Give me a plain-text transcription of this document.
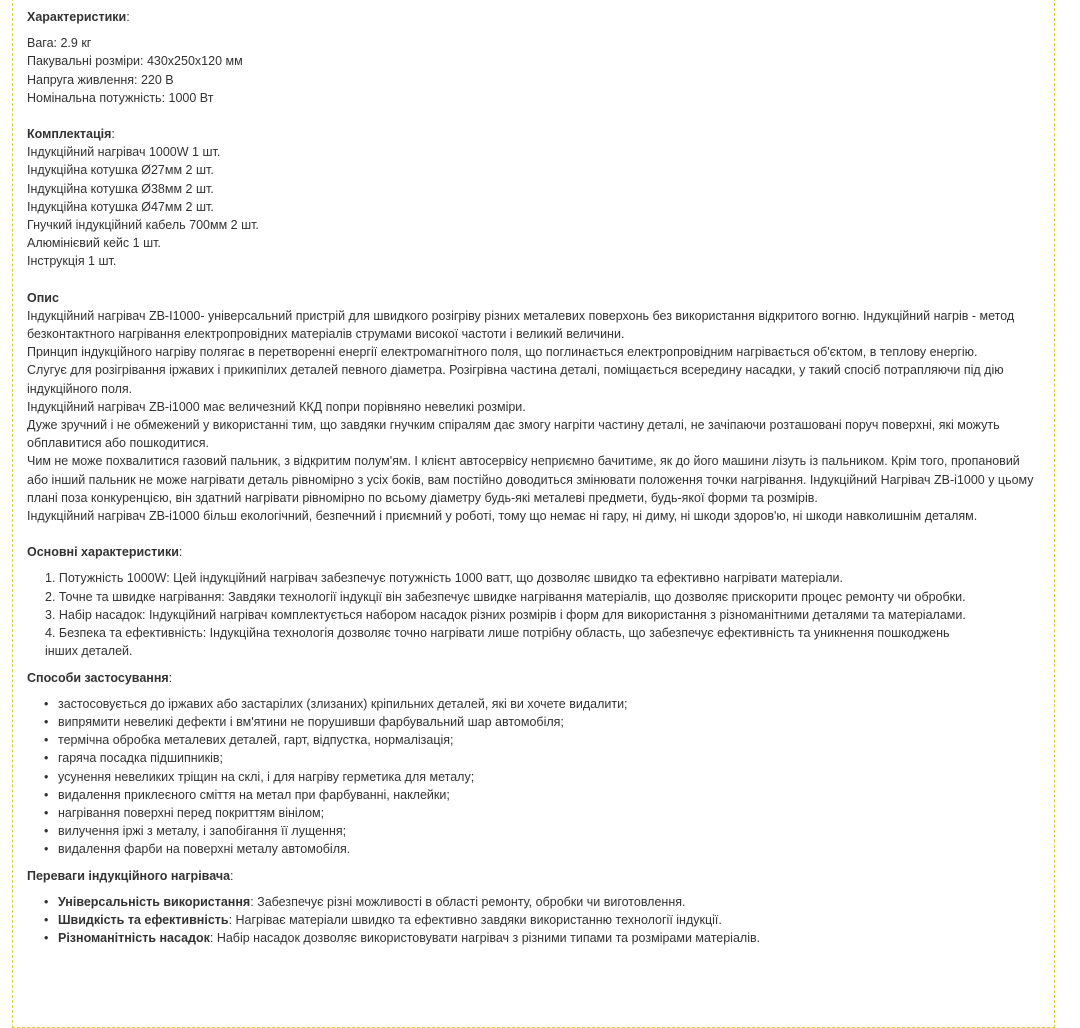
Характеристики:

Вага: 2.9 кг

Пакувальні розміри: 430х250х120 мм

Напруга живлення: 220 В

Номінальна потужність: 1000 Вт

Комплектація:

Індукційний нагрівач 1000W 1 шт.

Індукційна котушка Ø27мм 2 шт.

Індукційна котушка Ø38мм 2 шт.

Індукційна котушка Ø47мм 2 шт.

Гнучкий індукційний кабель 700мм 2 шт.

Алюмінієвий кейс 1 шт.

Інструкція 1 шт.

Опис

Індукційний нагрівач ZB-I1000- універсальний пристрій для швидкого розігріву різних металевих поверхонь без використання відкритого вогню. Індукційний нагрів - метод безконтактного нагрівання електропровідних матеріалів струмами високої частоти і великий величини.

Принцип індукційного нагріву полягає в перетворенні енергії електромагнітного поля, що поглинається електропровідним нагрівається об'єктом, в теплову енергію.

Слугує для розігрівання іржавих і прикипілих деталей певного діаметра. Розігрівна частина деталі, поміщається всередину насадки, у такий спосіб потрапляючи під дію індукційного поля.

Індукційний нагрівач ZB-i1000 має величезний ККД попри порівняно невеликі розміри.

Дуже зручний і не обмежений у використанні тим, що завдяки гнучким спіралям дає змогу нагріти частину деталі, не зачіпаючи розташовані поруч поверхні, які можуть обплавитися або пошкодитися.

Чим не може похвалитися газовий пальник, з відкритим полум'ям. І клієнт автосервісу неприємно бачитиме, як до його машини лізуть із пальником. Крім того, пропановий або інший пальник не може нагрівати деталь рівномірно з усіх боків, вам постійно доводиться змінювати положення точки нагрівання. Індукційний Нагрівач ZB-i1000 у цьому плані поза конкуренцією, він здатний нагрівати рівномірно по всьому діаметру будь-які металеві предмети, будь-якої форми та розмірів.

Індукційний нагрівач ZB-i1000 більш екологічний, безпечний і приємний у роботі, тому що немає ні гару, ні диму, ні шкоди здоров'ю, ні шкоди навколишнім деталям.

Основні характеристики:

1. Потужність 1000W: Цей індукційний нагрівач забезпечує потужність 1000 ватт, що дозволяє швидко та ефективно нагрівати матеріали.
2. Точне та швидке нагрівання: Завдяки технології індукції він забезпечує швидке нагрівання матеріалів, що дозволяє прискорити процес ремонту чи обробки.
3. Набір насадок: Індукційний нагрівач комплектується набором насадок різних розмірів і форм для використання з різноманітними деталями та матеріалами.
4. Безпека та ефективність: Індукційна технологія дозволяє точно нагрівати лише потрібну область, що забезпечує ефективність та уникнення пошкоджень інших деталей.

Способи застосування:

• застосовується до іржавих або застарілих (злизаних) кріпильних деталей, які ви хочете видалити;
• випрямити невеликі дефекти і вм'ятини не порушивши фарбувальний шар автомобіля;
• термічна обробка металевих деталей, гарт, відпустка, нормалізація;
• гаряча посадка підшипників;
• усунення невеликих тріщин на склі, і для нагріву герметика для металу;
• видалення приклеєного сміття на метал при фарбуванні, наклейки;
• нагрівання поверхні перед покриттям вінілом;
• вилучення іржі з металу, і запобігання її лущення;
• видалення фарби на поверхні металу автомобіля.

Переваги індукційного нагрівача:

• Універсальність використання: Забезпечує різні можливості в області ремонту, обробки чи виготовлення.
• Швидкість та ефективність: Нагріває матеріали швидко та ефективно завдяки використанню технології індукції.
• Різноманітність насадок: Набір насадок дозволяє використовувати нагрівач з різними типами та розмірами матеріалів.
